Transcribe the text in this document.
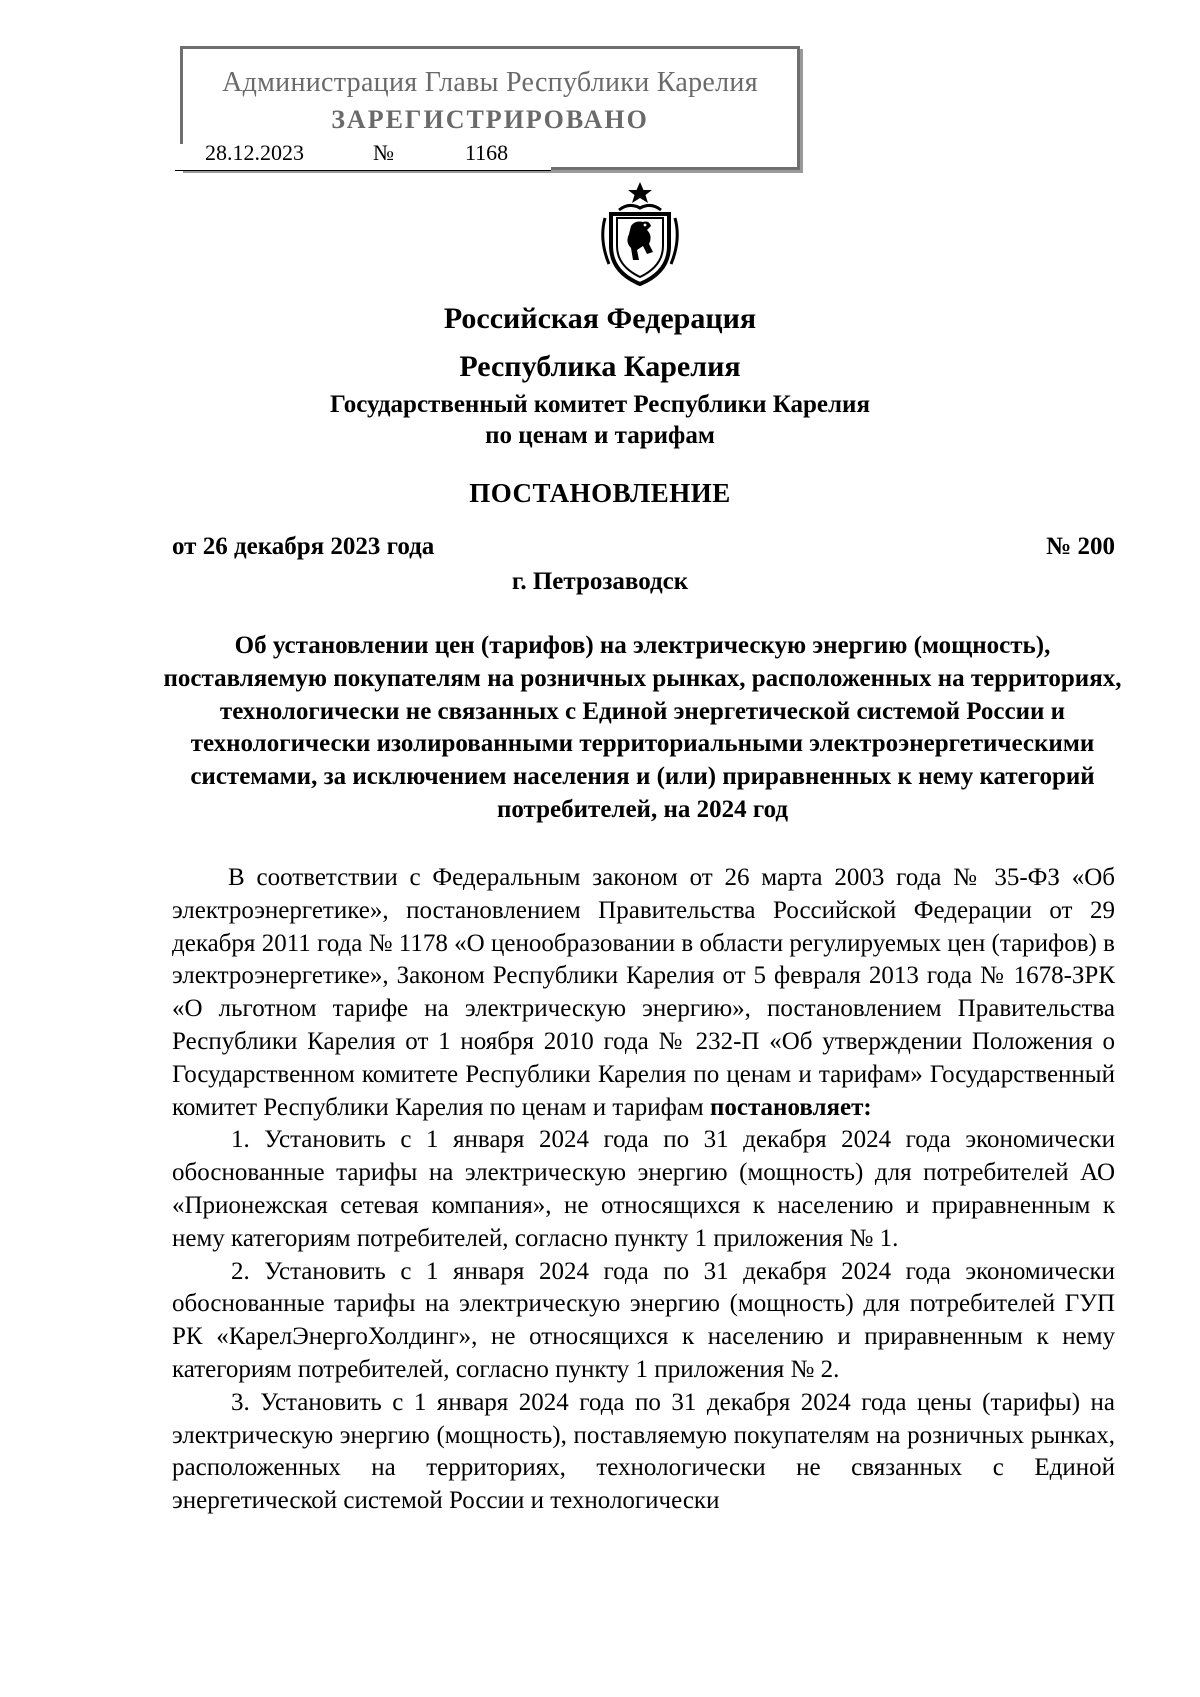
Администрация Главы Республики Карелия
ЗАРЕГИСТРИРОВАНО
28.12.2023	№	1168
Российская Федерация
Республика Карелия
Государственный комитет Республики Карелия
по ценам и тарифам
ПОСТАНОВЛЕНИЕ
от 26 декабря 2023 года	№ 200
г. Петрозаводск
Об установлении цен (тарифов) на электрическую энергию (мощность), поставляемую покупателям на розничных рынках, расположенных на территориях, технологически не связанных с Единой энергетической системой России и технологически изолированными территориальными электроэнергетическими системами, за исключением населения и (или) приравненных к нему категорий потребителей, на 2024 год

В соответствии с Федеральным законом от 26 марта 2003 года № 35-ФЗ «Об электроэнергетике», постановлением Правительства Российской Федерации от 29 декабря 2011 года № 1178 «О ценообразовании в области регулируемых цен (тарифов) в электроэнергетике», Законом Республики Карелия от 5 февраля 2013 года № 1678-ЗРК «О льготном тарифе на электрическую энергию», постановлением Правительства Республики Карелия от 1 ноября 2010 года № 232-П «Об утверждении Положения о Государственном комитете Республики Карелия по ценам и тарифам» Государственный комитет Республики Карелия по ценам и тарифам постановляет:

1. Установить с 1 января 2024 года по 31 декабря 2024 года экономически обоснованные тарифы на электрическую энергию (мощность) для потребителей АО «Прионежская сетевая компания», не относящихся к населению и приравненным к нему категориям потребителей, согласно пункту 1 приложения № 1.

2. Установить с 1 января 2024 года по 31 декабря 2024 года экономически обоснованные тарифы на электрическую энергию (мощность) для потребителей ГУП РК «КарелЭнергоХолдинг», не относящихся к населению и приравненным к нему категориям потребителей, согласно пункту 1 приложения № 2.

3. Установить с 1 января 2024 года по 31 декабря 2024 года цены (тарифы) на электрическую энергию (мощность), поставляемую покупателям на розничных рынках, расположенных на территориях, технологически не связанных с Единой энергетической системой России и технологически
